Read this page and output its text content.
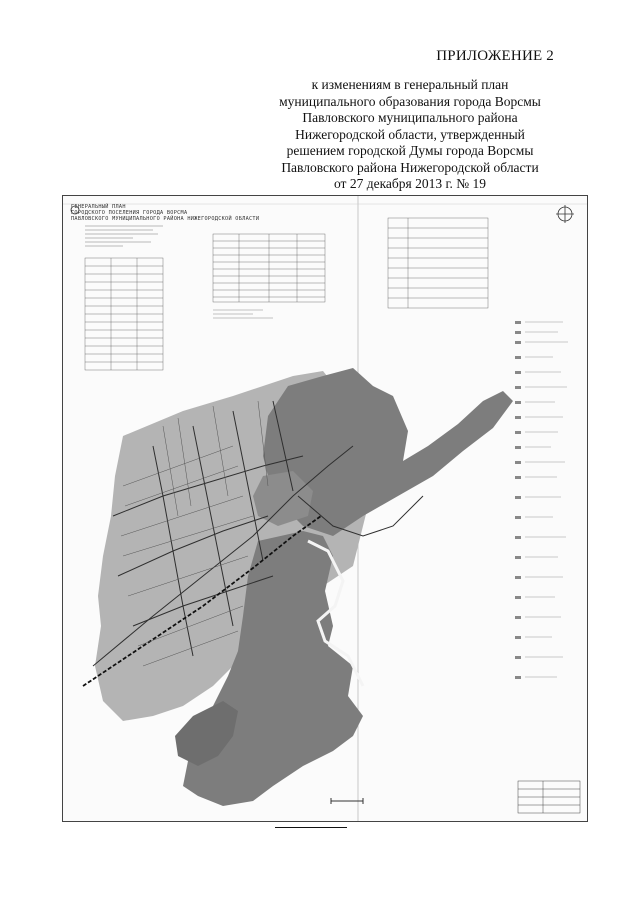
ПРИЛОЖЕНИЕ 2
к изменениям в генеральный план
муниципального образования города Ворсмы
Павловского муниципального района
Нижегородской области, утвержденный
решением городской Думы города Ворсмы
Павловского района Нижегородской области
от 27 декабря 2013 г. № 19
ГЕНЕРАЛЬНЫЙ ПЛАН
ГОРОДСКОГО ПОСЕЛЕНИЯ ГОРОДА ВОРСМА
ПАВЛОВСКОГО МУНИЦИПАЛЬНОГО РАЙОНА НИЖЕГОРОДСКОЙ ОБЛАСТИ
